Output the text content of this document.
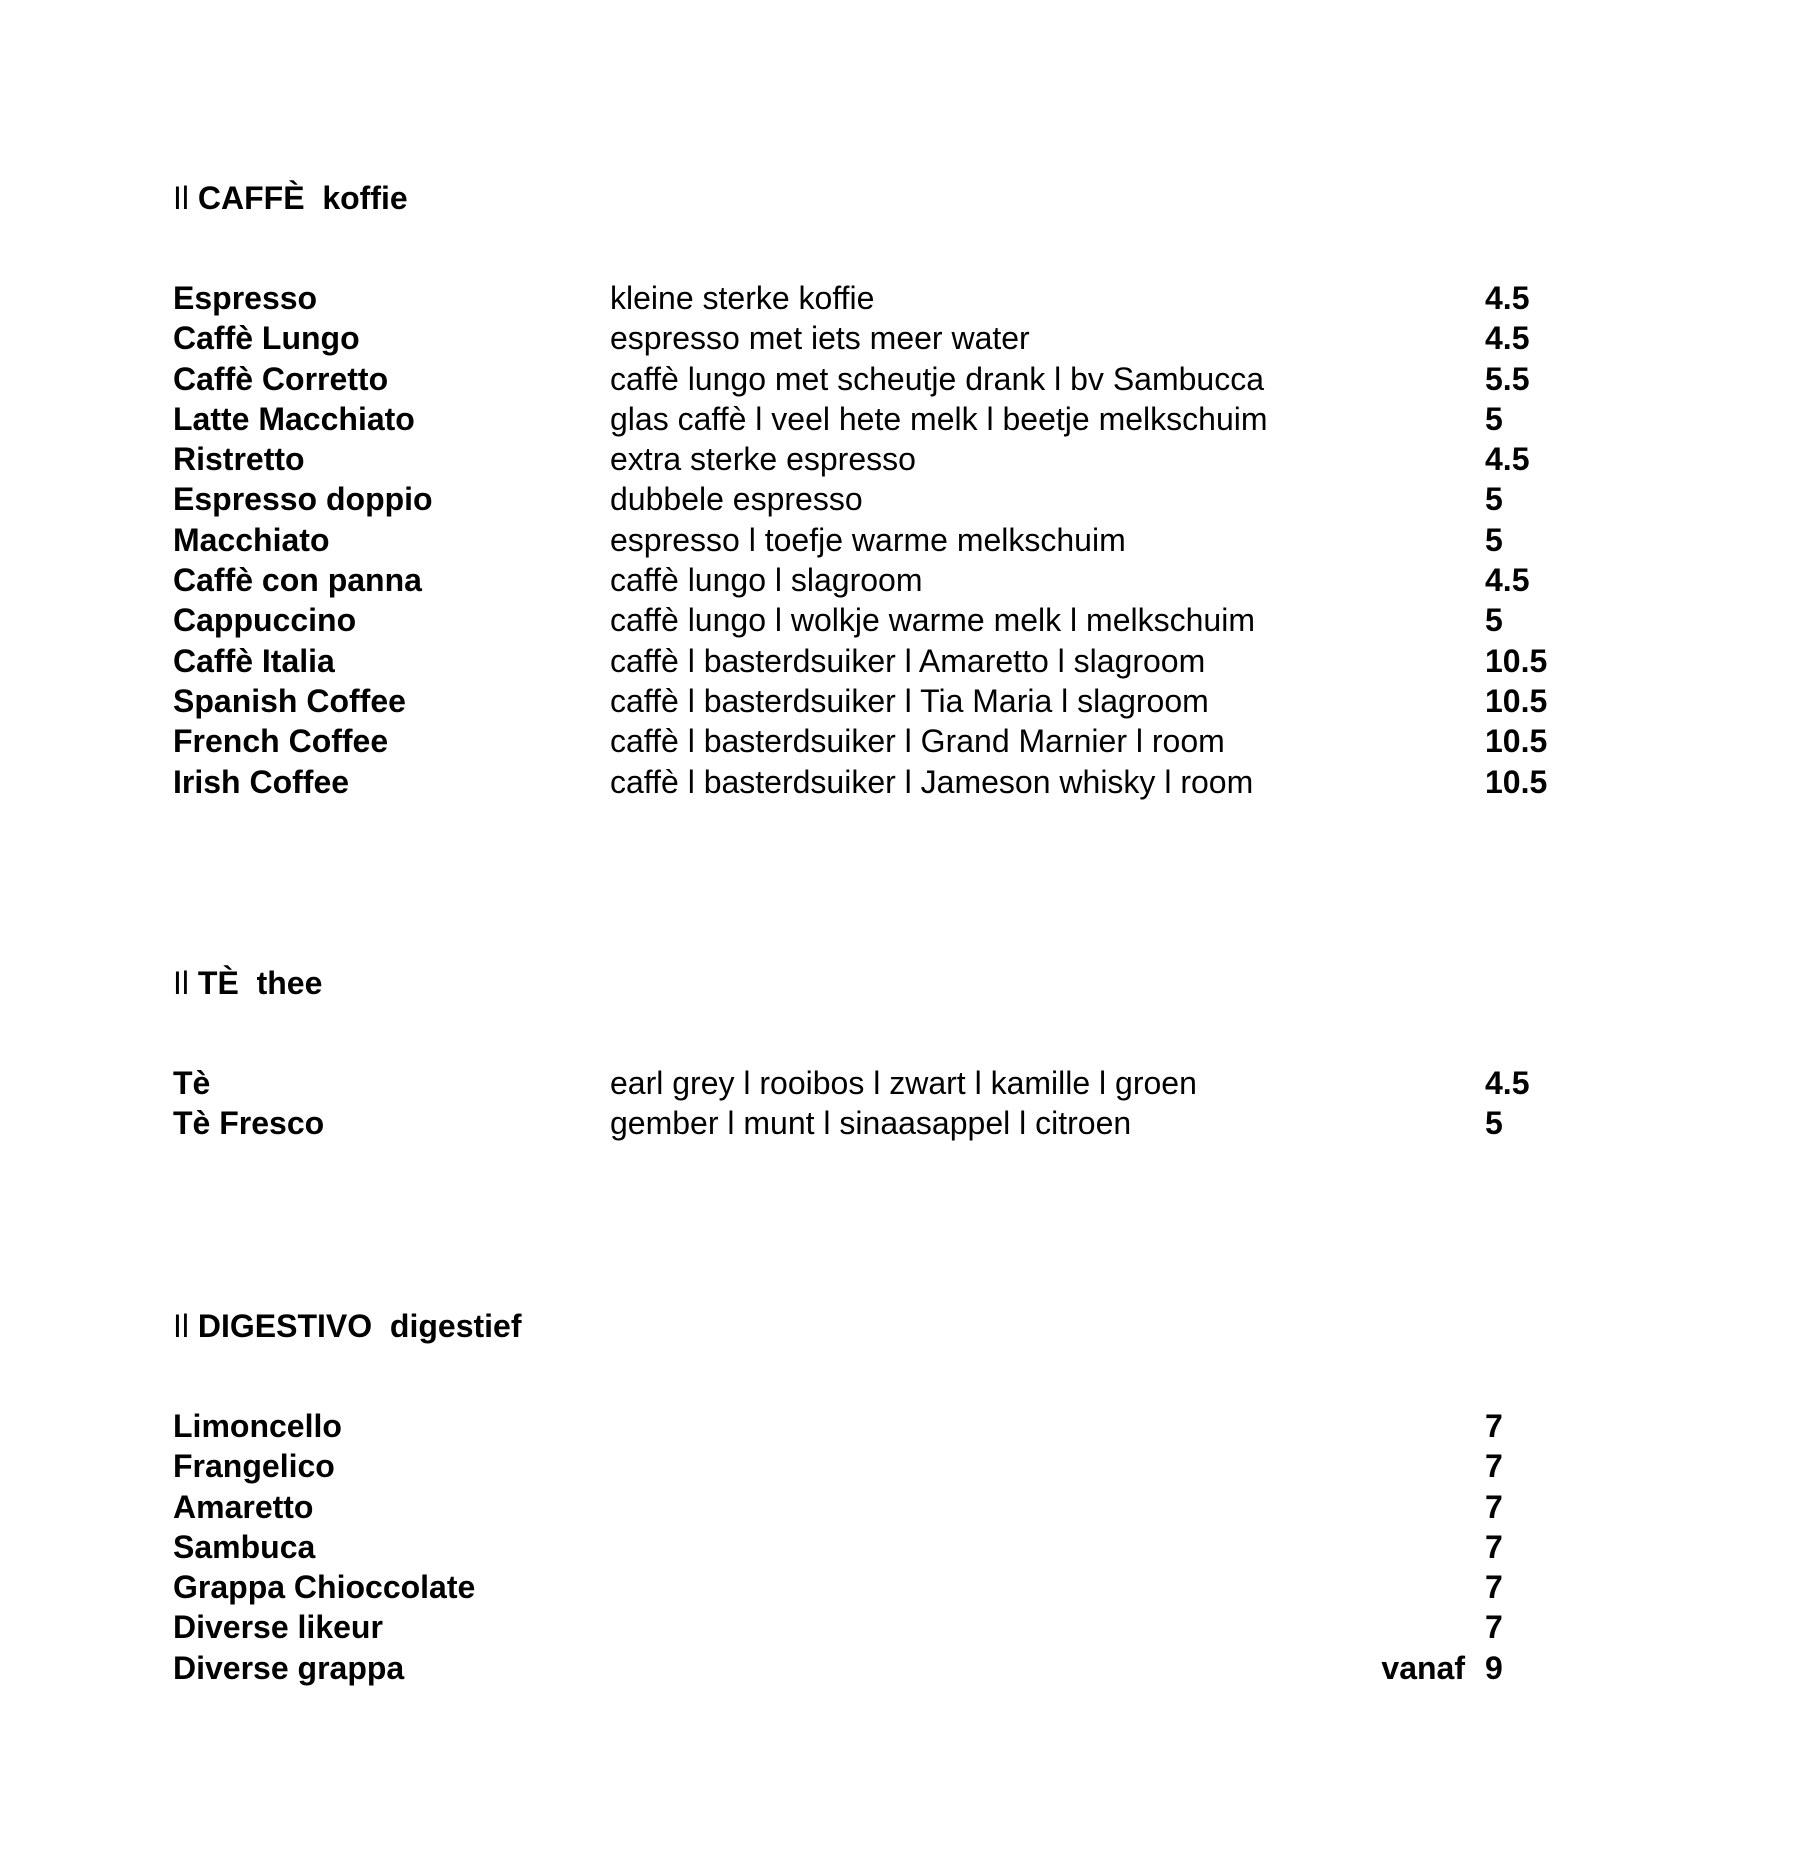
Il CAFFÈ koffie
Espresso	kleine sterke koffie	4.5
Caffè Lungo	espresso met iets meer water	4.5
Caffè Corretto	caffè lungo met scheutje drank l bv Sambucca	5.5
Latte Macchiato	glas caffè l veel hete melk l beetje melkschuim	5
Ristretto	extra sterke espresso	4.5
Espresso doppio	dubbele espresso	5
Macchiato	espresso l toefje warme melkschuim	5
Caffè con panna	caffè lungo l slagroom	4.5
Cappuccino	caffè lungo l wolkje warme melk l melkschuim	5
Caffè Italia	caffè l basterdsuiker l Amaretto l slagroom	10.5
Spanish Coffee	caffè l basterdsuiker l Tia Maria l slagroom	10.5
French Coffee	caffè l basterdsuiker l Grand Marnier l room	10.5
Irish Coffee	caffè l basterdsuiker l Jameson whisky l room	10.5
Il TÈ thee
Tè	earl grey l rooibos l zwart l kamille l groen	4.5
Tè Fresco	gember l munt l sinaasappel l citroen	5
Il DIGESTIVO digestief
Limoncello	7
Frangelico	7
Amaretto	7
Sambuca	7
Grappa Chioccolate	7
Diverse likeur	7
Diverse grappa	vanaf 9
